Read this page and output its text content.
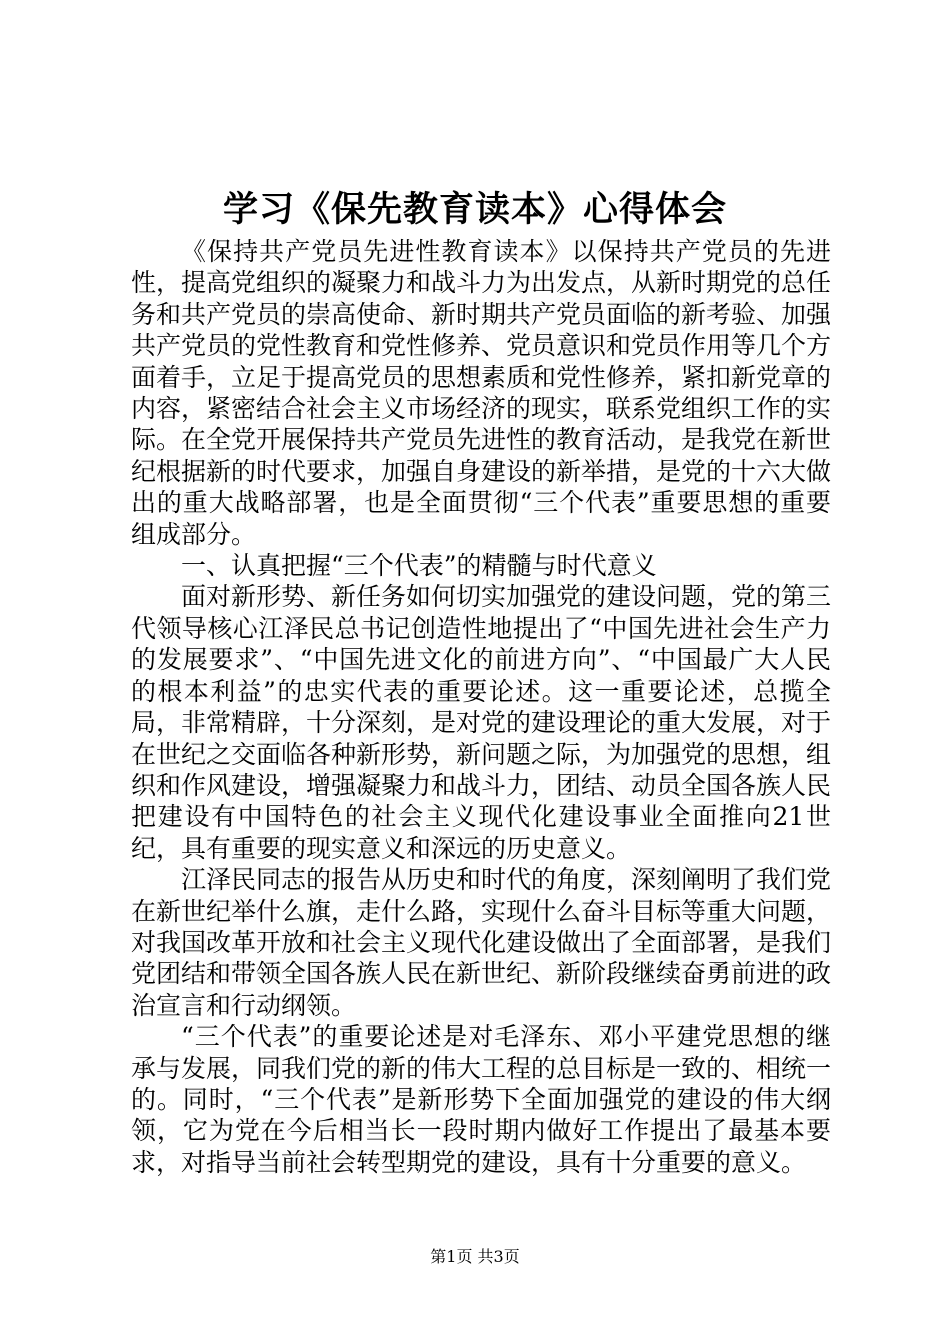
学习《保先教育读本》心得体会

《保持共产党员先进性教育读本》以保持共产党员的先进性，提高党组织的凝聚力和战斗力为出发点，从新时期党的总任务和共产党员的崇高使命、新时期共产党员面临的新考验、加强共产党员的党性教育和党性修养、党员意识和党员作用等几个方面着手，立足于提高党员的思想素质和党性修养，紧扣新党章的内容，紧密结合社会主义市场经济的现实，联系党组织工作的实际。在全党开展保持共产党员先进性的教育活动，是我党在新世纪根据新的时代要求，加强自身建设的新举措，是党的十六大做出的重大战略部署，也是全面贯彻“三个代表”重要思想的重要组成部分。

一、认真把握“三个代表”的精髓与时代意义

面对新形势、新任务如何切实加强党的建设问题，党的第三代领导核心江泽民总书记创造性地提出了“中国先进社会生产力的发展要求”、“中国先进文化的前进方向”、“中国最广大人民的根本利益”的忠实代表的重要论述。这一重要论述，总揽全局，非常精辟，十分深刻，是对党的建设理论的重大发展，对于在世纪之交面临各种新形势，新问题之际，为加强党的思想，组织和作风建设，增强凝聚力和战斗力，团结、动员全国各族人民把建设有中国特色的社会主义现代化建设事业全面推向21世纪，具有重要的现实意义和深远的历史意义。

江泽民同志的报告从历史和时代的角度，深刻阐明了我们党在新世纪举什么旗，走什么路，实现什么奋斗目标等重大问题，对我国改革开放和社会主义现代化建设做出了全面部署，是我们党团结和带领全国各族人民在新世纪、新阶段继续奋勇前进的政治宣言和行动纲领。

“三个代表”的重要论述是对毛泽东、邓小平建党思想的继承与发展，同我们党的新的伟大工程的总目标是一致的、相统一的。同时，“三个代表”是新形势下全面加强党的建设的伟大纲领，它为党在今后相当长一段时期内做好工作提出了最基本要求，对指导当前社会转型期党的建设，具有十分重要的意义。

第1页 共3页
